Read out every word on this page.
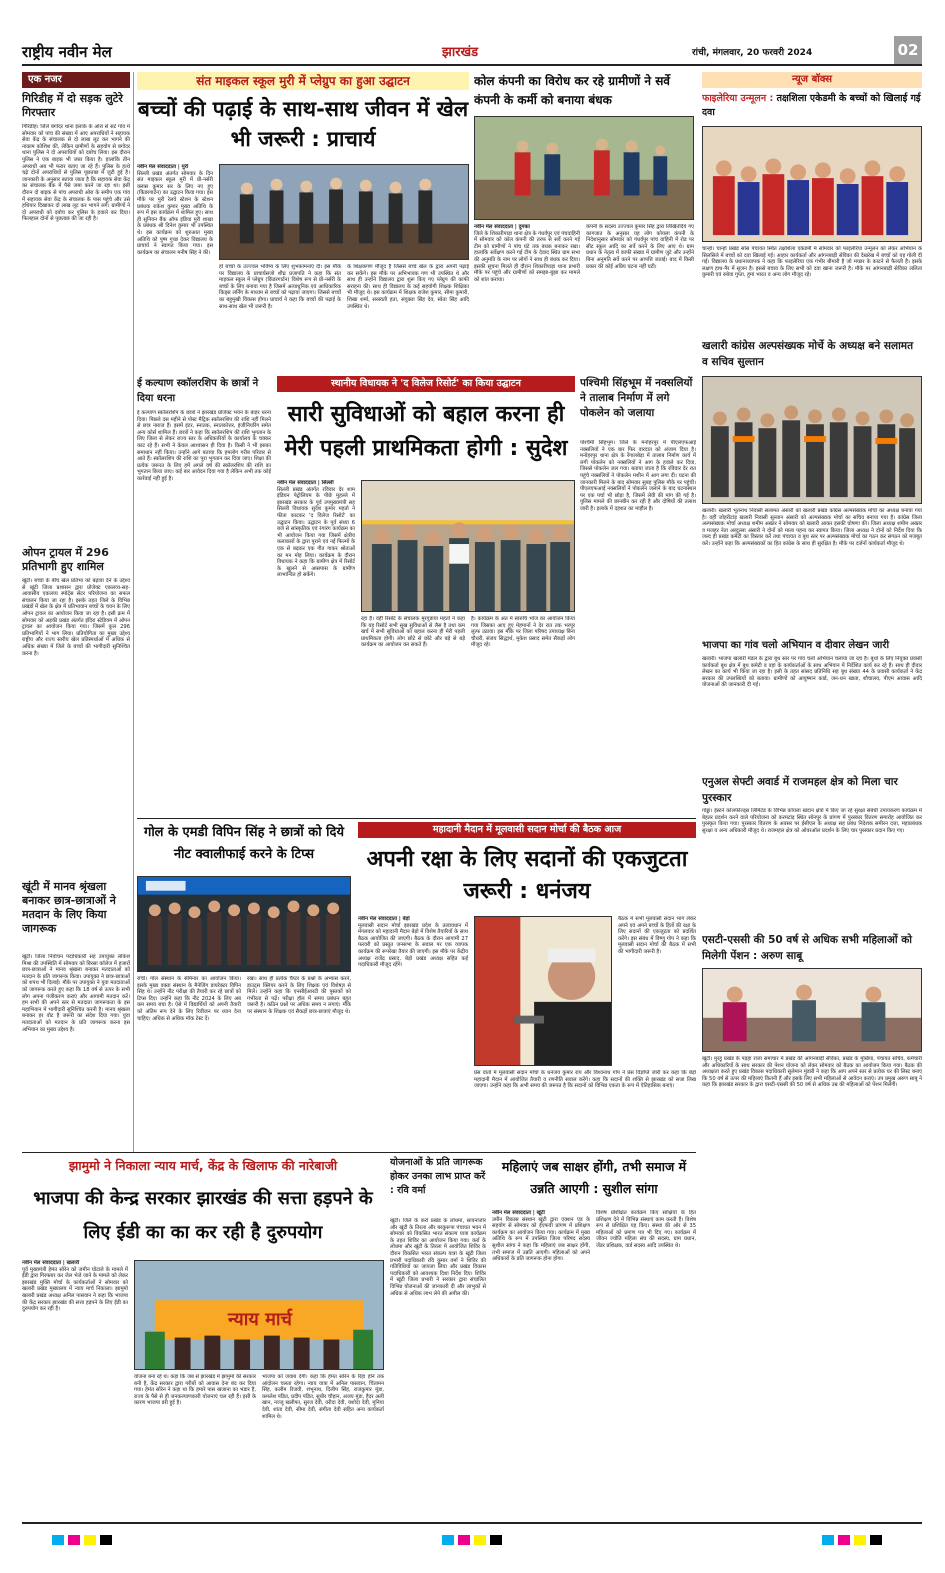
राष्ट्रीय नवीन मेल	झारखंड	रांची, मंगलवार, 20 फरवरी 2024	02
एक नजर
गिरिडीह में दो सड़क लुटेरे गिरफ्तार
गिरिडीह। जिले बगोदर थाना इलाके के ओरा से सटे गांव में सोमवार को पांच की संख्या में आए अपराधियों ने सहायक सेवा केंद्र के संचालक से दो लाख लूट कर भागने की नाकाम कोशिश की, लेकिन ग्रामीणों के सहयोग से बगोदर थाना पुलिस ने दो अपराधियों को दबोच लिया। इस दौरान पुलिस ने एक बाइक भी जब्त किया है। हालांकि तीन अपराधी अब भी फरार बताए जा रहे हैं। पुलिस के हत्थे चढ़े दोनों अपराधियों से पुलिस पूछताछ में जुटी हुई है। जानकारी के अनुसार बताया जाता है कि सहायक सेवा केंद्र का संचालक बैंक में पैसे जमा करने जा रहा था। इसी दौरान दो बाइक से पांच अपराधी ओरा के समीप एक गांव में सहायक सेवा केंद्र के संचालक के पास पहुंचे और उसे हथियार दिखाकर दो लाख लूट कर भागने लगे। ग्रामीणों ने दो अपराधी को दबोच कर पुलिस के हवाले कर दिया। फिलहाल दोनों से पूछताछ की जा रही है।
ओपन ट्रायल में 296 प्रतिभागी हुए शामिल
खूंटी। बच्चों के बीच खेल प्रतिभा को बढ़ावा देने के उद्देश्य से खूंटी जिला प्रशासन द्वारा प्रोजेक्ट एकलव्य-सह-आवासीय एकलव्य स्पोर्ट्स सेंटर परियोजना का सफल संचालन किया जा रहा है। इसके तहत जिले के विभिन्न प्रखंडों में खेल के क्षेत्र में प्रतिभावान बच्चों के चयन के लिए ओपन ट्रायल का आयोजन किया जा रहा है। इसी क्रम में सोमवार को अड़की प्रखंड अंतर्गत इंदिरा स्टेडियम में ओपन ट्रायल का आयोजन किया गया। जिसमें कुल 296 प्रतिभागियों ने भाग लिया। प्रतियोगिता का मुख्य उद्देश्य राष्ट्रीय और राज्य स्तरीय खेल प्रतिस्पर्धाओं में अधिक से अधिक संख्या में जिले के बच्चों की भागीदारी सुनिश्चित करना है।
खूंटी में मानव श्रृंखला बनाकर छात्र-छात्राओं ने मतदान के लिए किया जागरूक
खूंटी। जिला निर्वाचन पदाधिकारी सह उपायुक्त लोकेश मिश्रा की उपस्थिति में सोमवार को बिरसा कॉलेज में हजारों छात्र-छात्राओं ने मानव श्रृंखला बनाकर मतदाताओं को मतदान के प्रति जागरूक किया। उपायुक्त ने छात्र-छात्राओं को शपथ भी दिलाई। मौके पर उपायुक्त ने युवा मतदाताओं को जागरूक करते हुए कहा कि 18 वर्ष से ऊपर के सभी लोग अपना पंजीकरण कराएं और आगामी मतदान करें। हम सभी की अपने स्तर से मतदाता जागरूकता के इस महाभियान में भागीदारी सुनिश्चित करनी है। मानव श्रृंखला बनाकर हर वोट है जरूरी का संदेश दिया गया। युवा मतदाताओं को मतदान के प्रति जागरूक करना इस अभियान का मुख्य उद्देश्य है।
संत माइकल स्कूल मुरी में प्लेग्रुप का हुआ उद्घाटन
बच्चों की पढ़ाई के साथ-साथ जीवन में खेल भी जरूरी : प्राचार्य
नवीन मेल संवाददाता | मुरी
सिल्ली प्रखंड अंतर्गत सोमवार के दिन संत माइकल स्कूल मुरी में प्री-नर्सरी क्लास कुमार सर के लिए नए हुए (किंडरगार्टन) का उद्घाटन किया गया। इस मौके पर मुरी रेलवे स्टेशन के स्टेशन प्रबंधक राकेश कुमार मुख्य अतिथि के रूप में इस कार्यक्रम में शामिल हुए। साथ ही सुनियन बैंक ऑफ इंडिया मुरी शाखा के प्रबंधक श्री दिनेश कुमार भी उपस्थित थे। इस कार्यक्रम को शुरुआत मुख्य अतिथि को पुष्प गुच्छ देकर विद्यालय के प्राचार्य ने स्वागत किया गया। इस कार्यक्रम का संचालन मनीष सिंह ने की।
हो बच्चों के उज्ज्वल भविष्य के लिए शुभकामनाएं दी। इस मौके पर विद्यालय के प्राचार्यसजो शीघ्र प्रजापति ने कहा कि संत माइकल स्कूल में प्लेग्रुप (किंडरगार्टन) विशेष रूप से प्री-नर्सरी के बच्चों के लिए बनाया गया है जिसमें अत्याधुनिक एवं आधिकारिक किड्स लर्निंग के माध्यम से बच्चों को पढ़ाया जाएगा। जिससे बच्चों का बहुमुखी विकास होगा। प्राचार्य ने कहा कि बच्चों की पढ़ाई के साथ-साथ खेल भी जरूरी है।
के शिक्षकगण मौजूद हैं जिससे बच्चे खेल के द्वारा अपनी पढ़ाई कर सकेंगे। इस मौके पर अभिभावक गण भी उपस्थित थे और साथ ही उन्होंने विद्यालय द्वारा शुरू किए गए प्लेग्रुप की काफी सराहना की। साथ ही विद्यालय के कई सहयोगी शिक्षक शिक्षिका भी मौजूद थे। इस कार्यक्रम में शिक्षक राजेश कुमार, सीमा कुमारी, शिखा शर्मा, सरस्वती हता, संयुक्ता सिंह देव, स्वेता सिंह आदि उपस्थित थे।
कोल कंपनी का विरोध कर रहे ग्रामीणों ने सर्वे कंपनी के कर्मी को बनाया बंधक
नवीन मेल संवाददाता | दुमका
जिले के शिकारीपाड़ा थाना क्षेत्र के गंधर्वपुर एवं पंचवाहिनी में सोमवार को कोल कंपनी की तरफ से सर्वे करने गई टीम को ग्रामीणों ने पांच घंटे तक बंधक बनाकर रखा। हालांकि सर्वेक्षण करने गई टीम के देवाद स्थित ग्राम सभा की अनुमति के नाम पर लोगों ने साथ ही बंधक कर दिया। इसकी सूचना मिलते ही दौरान शिकारीपाड़ा थाना प्रभारी मौके पर पहुंचे और ग्रामीणों को समझा-बुझा कर मामले को शांत कराया।
कंपनी के सदस्य उज्ज्वल कुमार सिंह द्वारा लिखितदिये गए कागजात के अनुसार यह लोग कोयला कंपनी के निदेशानुसार सोमवार को गंधर्वपुर पांच वाहिनी में रोड पर सीट स्कूल आदि का सर्वे करने के लिए आए थे। ग्राम प्रधान के नेतृत्व में काफी संख्या में ग्रामीण जुटे और उन्होंने बिना अनुमति सर्वे करने पर आपत्ति जताई। बाद में किसी प्रकार की कोई अप्रिय घटना नहीं घटी।
न्यूज बॉक्स
फाइलेरिया उन्मूलन : तक्षशिला एकेडमी के बच्चों को खिलाई गई दवा
चान्हो। चान्हो प्रखंड सोंस पंचायत स्थित तक्षशिला एकेडमी में सोमवार को फाइलेरिया उन्मूलन को लेकर अभियान के सिलसिले में बच्चों को दवा खिलाई गई। आहार कार्यकर्ता और आंगनबाड़ी सेविका की देखरेख में बच्चों को यह गोली दी गई। विद्यालय के प्रधानाध्यापक ने कहा कि फाइलेरिया एक गंभीर बीमारी है जो मच्छर के काटने से फैलती है। इसके लक्षण हाथ-पैर में सूजन है। इससे बचाव के लिए सभी को दवा खाना जरूरी है। मौके पर आंगनबाड़ी सेविका ललिता कुमारी एवं रुबेया गुप्ता, हुमां भारत व अन्य लोग मौजूद रहे।
खलारी कांग्रेस अल्पसंख्यक मोर्चे के अध्यक्ष बने सलामत व सचिव सुल्तान
खलारी। खलारी भूतनाथ निवासी सलामत अंसारी को खलारी प्रखंड कांग्रेस अल्पसंख्यक मोर्चा का अध्यक्ष बनाया गया है। वहीं जोहरीटांड़ खलारी निवासी सुल्तान अंसारी को अल्पसंख्यक मोर्चा का सचिव बनाया गया है। कांग्रेस जिला अल्पसंख्यक मोर्चा अध्यक्ष शमीम अख्तर ने सोमवार को खलारी आकर इसकी घोषणा की। जिला अध्यक्ष शमीम अख्तर व मजहर नेता अब्दुल्ला अंसारी ने दोनों को माला पहना कर स्वागत किया। जिला अध्यक्ष ने दोनों को निर्देश दिया कि जल्द ही प्रखंड कमेटी का विस्तार करें तथा पंचायत व बूथ स्तर पर अल्पसंख्यक मोर्चा का गठन कर संगठन को मजबूत करें। उन्होंने कहा कि अल्पसंख्यकों का हित कांग्रेस के साथ ही सुरक्षित है। मौके पर दर्जनों कार्यकर्ता मौजूद थे।
भाजपा का गांव चलो अभियान व दीवार लेखन जारी
खलारी। भाजपा खलारी मंडल के द्वारा बूथ स्तर पर गांव चलो अभियान चलाया जा रहा है। बूथों के लिए नियुक्त प्रवासी कार्यकर्ता बूथ क्षेत्र में बूथ कमेटी व वहां के कार्यकर्ताओं के साथ अभियान में निर्देशित कार्य कर रहे हैं। साथ ही दीवार लेखन का कार्य भी किया जा रहा है। इसी के तहत सांसद प्रतिनिधि सह बूथ संख्या 44 के प्रवासी कार्यकर्ता ने केंद्र सरकार की उपलब्धियों को बताया। ग्रामीणों को आयुष्मान कार्ड, जन-धन खाता, शौचालय, पीएम आवास आदि योजनाओं की जानकारी दी गई।
एनुअल सेफ्टी अवार्ड में राजमहल क्षेत्र को मिला चार पुरस्कार
गोड्डा। ईस्टर्न कोलफील्ड्स लिमिटेड के विभिन्न कोयला खदान क्षेत्रों में किए जा रहे सुरक्षा संबंधी उपायकरण कार्यक्रम में बेहतर प्रदर्शन करने वाले परियोजना को करमटांड़ स्थित सोनपुर के प्रांगण में पुरस्कार वितरण समारोह आयोजित कर पुरस्कृत किया गया। पुरस्कार वितरण के अवसर पर ईसीएल के अध्यक्ष सह प्रबंध निदेशक समीरन दत्ता, महाप्रबंधक सुरक्षा व अन्य अधिकारी मौजूद थे। राजमहल क्षेत्र को ओवरऑल प्रदर्शन के लिए चार पुरस्कार प्रदान किए गए।
एसटी-एससी की 50 वर्ष से अधिक सभी महिलाओं को मिलेगी पेंशन : अरुण साबू
खूंटी। मुरहू प्रखंड के पड़हा राजा समाचार में प्रखंड की आंगनबाड़ी सेविका, प्रखंड के मुखिया, पंचायत सचिव, कर्मचारी और अधिकारियों के साथ सरकार की पेंशन योजना को लेकर सोमवार को बैठक का आयोजन किया गया। बैठक की अध्यक्षता करते हुए प्रखंड विकास पदाधिकारी सुलेमान मुंडारी ने कहा कि आप अपने स्तर से प्रत्येक घर की लिस्ट बनाएं कि 50 वर्ष से ऊपर की महिलाएं कितनी हैं और इसके लिए सभी महिलाओं से आवेदन कराएं। उप प्रमुख अरुण साबू ने कहा कि झारखंड सरकार के द्वारा एसटी-एससी की 50 वर्ष से अधिक उम्र की महिलाओं को पेंशन मिलेगी।
स्थानीय विधायक ने 'द विलेज रिसोर्ट' का किया उद्घाटन
सारी सुविधाओं को बहाल करना ही मेरी पहली प्राथमिकता होगी : सुदेश
नवीन मेल संवाददाता | सिल्ली
सिल्ली प्रखंड अंतर्गत रविवार देर शाम इंडियन पेट्रोलियम के पीछे मुहल्ले में झारखंड सरकार के पूर्व उपमुख्यमंत्री सह सिल्ली विधायक सुदेश कुमार महतो ने फीता काटकर 'द विलेज रिसोर्ट' का उद्घाटन किया। उद्घाटन के पूर्व संध्या 6 बजे से सांस्कृतिक एवं रंगारंग कार्यक्रम का भी आयोजन किया गया जिसमें क्षेत्रीय कलाकारों के द्वारा पुराने एवं नई फिल्मों के एक से बढ़कर एक गीत गाकर श्रोताओं का मन मोह लिया। कार्यक्रम के दौरान विधायक ने कहा कि ग्रामीण क्षेत्र में रिसोर्ट के खुलने से आसपास के ग्रामीण लाभान्वित हो सकेंगे।
रहा है। वहीं रिसोर्ट के संचालक मुरगुडाया महतो ने कहा कि यह रिसोर्ट सभी सुख सुविधाओं से लैस है तथा कम खर्च में सभी सुविधाओं को बहाल करना ही मेरी पहली प्राथमिकता होगी। लोग छोटे से छोटे और बड़े से बड़े कार्यक्रम का आयोजन कर सकते हैं।
हैं। कार्यक्रम के अंत में स्वरुचि भोज का आयोजन किया गया जिसका आए हुए मेहमानों ने देर रात तक भरपूर लुत्फ उठाया। इस मौके पर जिला परिषद उपाध्यक्ष बिना चौधरी, संजय सिद्धार्थ, मुकेश प्रसाद समेत सैकड़ों लोग मौजूद रहे।
ई कल्याण स्कॉलरशिप के छात्रों ने दिया धरना
ई कल्याण स्कॉलरशिप के छात्रों ने झारखंड प्रोजेक्ट भवन के बाहर धरना दिया। पिछले दस महीने से पोस्ट मैट्रिक स्कॉलरशिप की राशि नहीं मिलने से छात्र नाराज हैं। इसमें इंटर, स्नातक, स्नातकोत्तर, इंजीनियरिंग समेत अन्य कोर्स शामिल हैं। छात्रों ने कहा कि स्कॉलरशिप की राशि भुगतान के लिए जिला से लेकर राज्य स्तर के अधिकारियों के कार्यालय के चक्कर काट रहे हैं। सभी ने केवल आश्वासन ही दिया है। किसी ने भी इसका समाधान नहीं किया। उन्होंने आगे बताया कि हमलोग गरीब परिवार से आते हैं। स्कॉलरशिप की राशि का पूरा भुगतान कर दिया जाए। शिक्षा की प्रत्येक जरूरत के लिए हमें अगले वर्ष की स्कॉलरशिप की राशि का भुगतान किया जाए। कई बार आवेदन दिया गया है लेकिन अभी तक कोई कार्रवाई नहीं हुई है।
पश्चिमी सिंहभूम में नक्सलियों ने तालाब निर्माण में लगे पोकलेन को जलाया
पश्चिमी सिंहभूम। जिले के मनोहरपुर में पीएलएफआई नक्सलियों ने एक बार फिर वारदात को अंजाम दिया है। मनोहरपुर थाना क्षेत्र के रेंगालबेड़ा में तालाब निर्माण कार्य में लगी पोकलेन को नक्सलियों ने आग के हवाले कर दिया, जिससे पोकलेन जल गया। बताया जाता है कि रविवार देर रात पहुंचे नक्सलियों ने पोकलेन मशीन में आग लगा दी। घटना की जानकारी मिलने के बाद सोमवार सुबह पुलिस मौके पर पहुंची। पीएलएफआई नक्सलियों ने पोकलेन जलाने के बाद घटनास्थल पर एक पर्चा भी छोड़ा है, जिसमें लेवी की मांग की गई है। पुलिस मामले की छानबीन कर रही है और दोषियों की तलाश जारी है। इलाके में दहशत का माहौल है।
गोल के एमडी विपिन सिंह ने छात्रों को दिये नीट क्वालीफाई करने के टिप्स
रांची। गोल संस्थान के सेमिनार का आयोजन किया। इसके मुख्य वक्ता संस्थान के मैनेजिंग डायरेक्टर विपिन सिंह थे। उन्होंने नीट परीक्षा की तैयारी कर रहे छात्रों को टिप्स दिए। उन्होंने कहा कि नीट 2024 के लिए अब कम समय बचा है। ऐसे में विद्यार्थियों को अपनी तैयारी को अंतिम रूप देने के लिए रिवीजन पर ध्यान देना चाहिए। अधिक से अधिक मॉक टेस्ट दें।
रखा। साथ ही प्रत्येक चैप्टर के प्रश्नों के अभ्यास करने, डाउट्स क्लियर करने के लिए शिक्षक एवं विशेषज्ञ से मिलें। उन्होंने कहा कि एनसीईआरटी की पुस्तकों को गंभीरता से पढ़ें। परीक्षा हॉल में समय प्रबंधन बहुत जरूरी है। कठिन प्रश्नों पर अधिक समय न लगाएं। मौके पर संस्थान के शिक्षक एवं सैकड़ों छात्र-छात्राएं मौजूद थे।
महादानी मैदान में मूलवासी सदान मोर्चा की बैठक आज
अपनी रक्षा के लिए सदानों की एकजुटता जरूरी : धनंजय
नवीन मेल संवाददाता | बेड़ो
मूलवासी सदान मोर्चा झारखंड प्रदेश के तत्वावधान में मंगलवार को महादानी मैदान बेड़ो में विशेष तैयारियों के साथ बैठक आयोजित की जाएगी। बैठक के दौरान आगामी 27 फरवरी को प्रस्तुत जनसभा के सवाल पर एक व्यापक कार्यक्रम की रूपरेखा तैयार की जाएगी। इस मौके पर केंद्रीय अध्यक्ष राजेंद्र प्रसाद, बेड़ो प्रखंड अध्यक्ष सहित कई पदाधिकारी मौजूद रहेंगे।
बैठक में सभी मूलवासी सदान भाग लेकर अपने एवं अपने बच्चों के हितों की रक्षा के लिए सदानों की एकजुटता को प्रदर्शित करेंगे। इस संबंध में विष्णु गोप ने कहा कि मूलवासी सदान मोर्चा की बैठक में सभी की भागीदारी जरूरी है।
प्रेस वार्ता में मूलवासी सदान मोर्चा के धनंजय कुमार राय और विश्वनाथ गोप ने प्रेस विज्ञप्ति जारी कर कहा कि बेड़ो महादानी मैदान में आयोजित तैयारी व रणनीति सवाल करेंगे। कहा कि सदानों की शक्ति से झारखंड को सजा लिख जाएगा। उन्होंने कहा कि अभी समय की जरूरत है कि सदानों को विभिन्न एकता के रूप में ऐतिहासिक बनाएं।
झामुमो ने निकाला न्याय मार्च, केंद्र के खिलाफ की नारेबाजी
भाजपा की केन्द्र सरकार झारखंड की सत्ता हड़पने के लिए ईडी का का कर रही है दुरुपयोग
नवीन मेल संवाददाता | खलारी
पूर्व मुख्यमंत्री हेमंत सोरेन को जमीन घोटाले के मामले में ईडी द्वारा गिरफ्तार कर जेल भेजे जाने के मामले को लेकर झारखंड मुक्ति मोर्चा के कार्यकर्ताओं ने सोमवार को खलारी प्रखंड मुख्यालय में न्याय मार्च निकाला। झामुमो खलारी प्रखंड अध्यक्ष अनिल पासवान ने कहा कि भाजपा की केंद्र सरकार झारखंड की सत्ता हड़पने के लिए ईडी का दुरुपयोग कर रही है।	न्याय मार्च
योजना बना रहे थे। कहा कि जब से झारखंड में झामुमो की सरकार बनी है, केंद्र सरकार द्वारा गरीबों को आवास देना बंद कर दिया गया। हेमंत सोरेन ने कहा था कि हमारे पास खजाना का भंडार है, राज्य के पैसे से ही जनकल्याणकारी योजनाएं चल रही हैं। इसी के कारण भाजपा डरी हुई है।
भाजपा को जवाब देगी। कहा कि हेमंत सोरेन के रिहा होने तक आंदोलन चलता रहेगा। न्याय यात्रा में अनिल पासवान, चिंतामन सिंह, कलीम रिजवी, शंभूनाथ, दिलीप सिंह, राजकुमार मुंडा, कमलेश पंडित, प्रदीप पंडित, सुधीर चौहान, अजय मुंडा, हैदर अली खान, नज्जू खलीफा, सुरज देवी, वरीदा देवी, यशोदा देवी, मुनिया देवी, शांता देवी, सीमा देवी, संगीता देवी सहित अन्य कार्यकर्ता शामिल थे।
योजनाओं के प्रति जागरूक होकर उनका लाभ प्राप्त करें : रवि वर्मा
खूंटी। जिले के कर्रा प्रखंड के लोधमा, सावनाजोर और खूंटी के तिरला और बरकुरूपा पंचायत भवन में सोमवार को विकसित भारत संकल्प यात्रा कार्यक्रम के तहत शिविर का आयोजन किया गया। कर्रा के लोधमा और खूंटी के तिरला में आयोजित शिविर के दौरान विकसित भारत संकल्प यात्रा के खूंटी जिला प्रभारी पदाधिकारी रवि कुमार वर्मा ने शिविर की गतिविधियों का जायजा लिया और प्रखंड विकास पदाधिकारी को आवश्यक दिशा निर्देश दिए। शिविर में खूंटी जिला प्रभारी ने सरकार द्वारा संचालित विभिन्न योजनाओं की जानकारी दी और लाभुकों से अधिक से अधिक लाभ लेने की अपील की।
महिलाएं जब साक्षर होंगी, तभी समाज में उन्नति आएगी : सुशील सांगा
नवीन मेल संवाददाता | खूंटी
उमीन विकास संस्थान खूंटी द्वारा एक्शन एड के सहयोग से सोमवार को ईएफवी प्रांगण में प्रशिक्षण कार्यक्रम का आयोजन किया गया। कार्यक्रम में मुख्य अतिथि के रूप में उपस्थित जिला परिषद सदस्य सुशील सांगा ने कहा कि महिलाएं जब साक्षर होंगी, तभी समाज में उन्नति आएगी। महिलाओं को अपने अधिकारों के प्रति जागरूक होना होगा।
विशेष प्रशिक्षित कार्यक्रम किए साक्षियों के हित प्रशिक्षण देने में विभिन्न संस्थाएं काम करती हैं। विशेष रूप से प्रशिक्षित यह किए। संस्था की ओर से 35 महिलाओं को प्रमाण पत्र भी दिए गए। कार्यक्रम में जीवन ज्योति महिला संघ की सदस्य, ग्राम प्रधान, जेंडर प्रशिक्षक, वार्ड सदस्य आदि उपस्थित थे।
